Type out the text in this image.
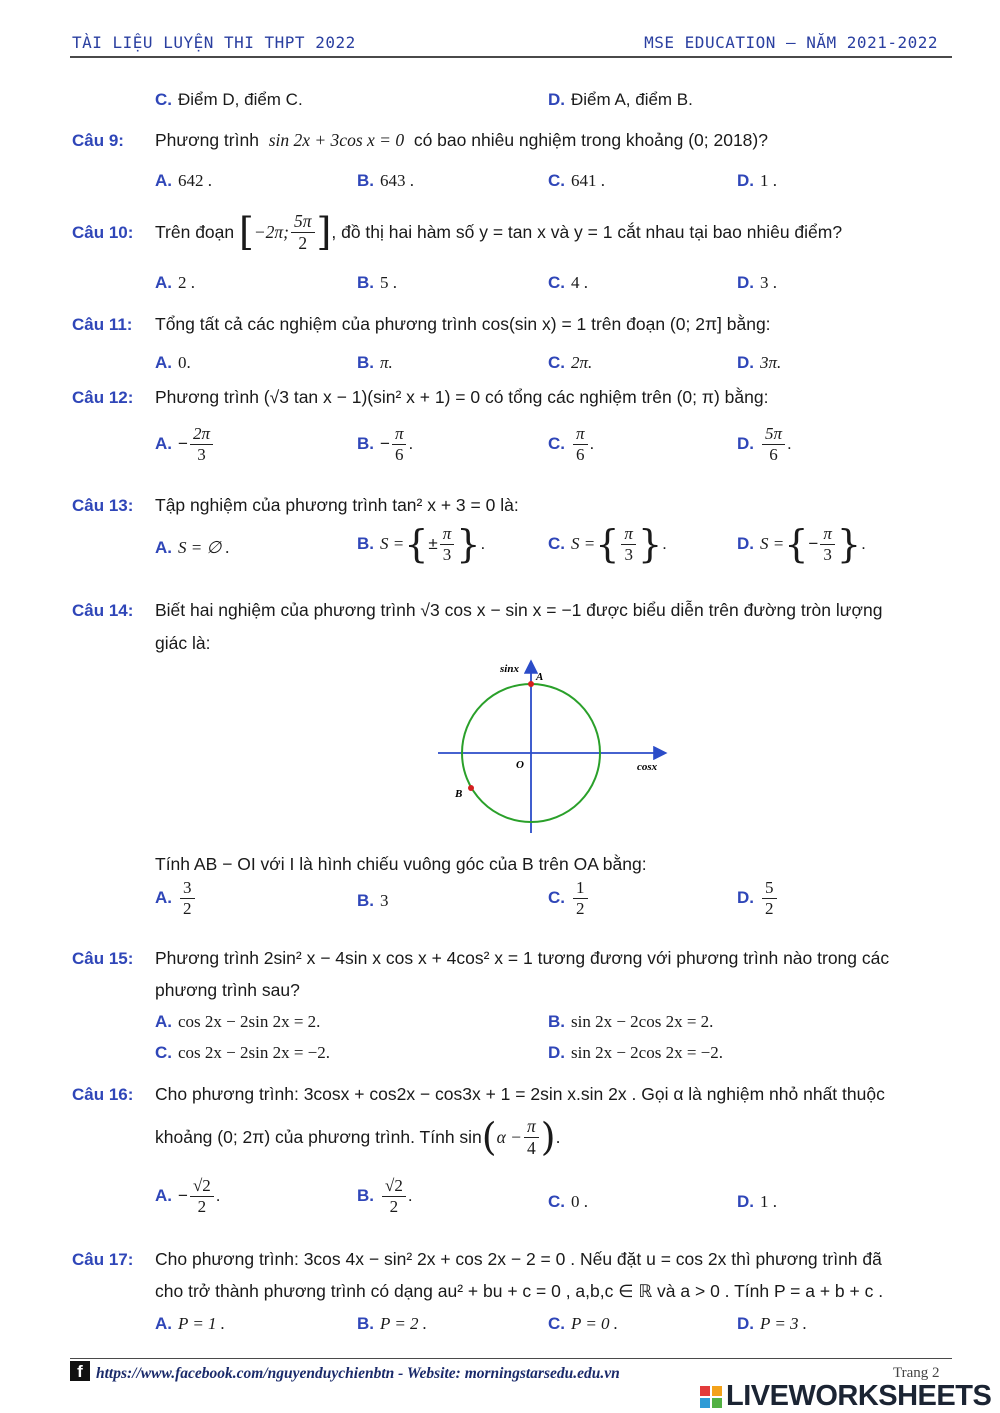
TÀI LIỆU LUYỆN THI THPT 2022	MSE EDUCATION – NĂM 2021-2022
C. Điểm D, điểm C.	D. Điểm A, điểm B.
Câu 9: Phương trình sin 2x + 3cos x = 0 có bao nhiêu nghiệm trong khoảng (0; 2018)?
A. 642 .	B. 643 .	C. 641 .	D. 1 .
Câu 10: Trên đoạn
[ −2π; $\frac{5\pi}{2}$ ] , đồ thị hai hàm số y = tan x và y = 1 cắt nhau tại bao nhiêu điểm?
A. 2 .	B. 5 .	C. 4 .	D. 3 .
Câu 11: Tổng tất cả các nghiệm của phương trình cos(sin x) = 1 trên đoạn (0; 2π] bằng:
A. 0.	B. π.	C. 2π.	D. 3π.
Câu 12: Phương trình (√3 tan x − 1)(sin² x + 1) = 0 có tổng các nghiệm trên (0; π) bằng:
A. − $\frac{2\pi}{3}$	B. − $\frac{\pi}{6}$ .	C. $\frac{\pi}{6}$ .	D. $\frac{5\pi}{6}$ .
Câu 13: Tập nghiệm của phương trình tan² x + 3 = 0 là:
A. S = ∅ .	B. S = { ± $\frac{\pi}{3}$ } .	C. S = { $\frac{\pi}{3}$ } .	D. S = { − $\frac{\pi}{3}$ } .
Câu 14: Biết hai nghiệm của phương trình √3 cos x − sin x = −1 được biểu diễn trên đường tròn lượng
giác là:
sinx
cosx
O
A
B
Tính AB − OI với I là hình chiếu vuông góc của B trên OA bằng:
A. $\frac{3}{2}$	B. 3	C. $\frac{1}{2}$	D. $\frac{5}{2}$
Câu 15: Phương trình 2sin² x − 4sin x cos x + 4cos² x = 1 tương đương với phương trình nào trong các
phương trình sau?
A. cos 2x − 2sin 2x = 2.	B. sin 2x − 2cos 2x = 2.
C. cos 2x − 2sin 2x = −2.	D. sin 2x − 2cos 2x = −2.
Câu 16: Cho phương trình: 3cosx + cos2x − cos3x + 1 = 2sin x.sin 2x . Gọi α là nghiệm nhỏ nhất thuộc
khoảng (0; 2π) của phương trình. Tính sin ( $\alpha - \frac{\pi}{4}$ ) .
A. − $\frac{√2}{2}$ .	B. $\frac{√2}{2}$ .	C. 0 .	D. 1 .
Câu 17: Cho phương trình: 3cos 4x − sin² 2x + cos 2x − 2 = 0 . Nếu đặt u = cos 2x thì phương trình đã
cho trở thành phương trình có dạng au² + bu + c = 0 , a,b,c ∈ ℝ và a > 0 . Tính P = a + b + c .
A. P = 1 .	B. P = 2 .	C. P = 0 .	D. P = 3 .
f https://www.facebook.com/nguyenduychienbtn - Website: morningstarsedu.edu.vn	Trang 2
LIVEWORKSHEETS
